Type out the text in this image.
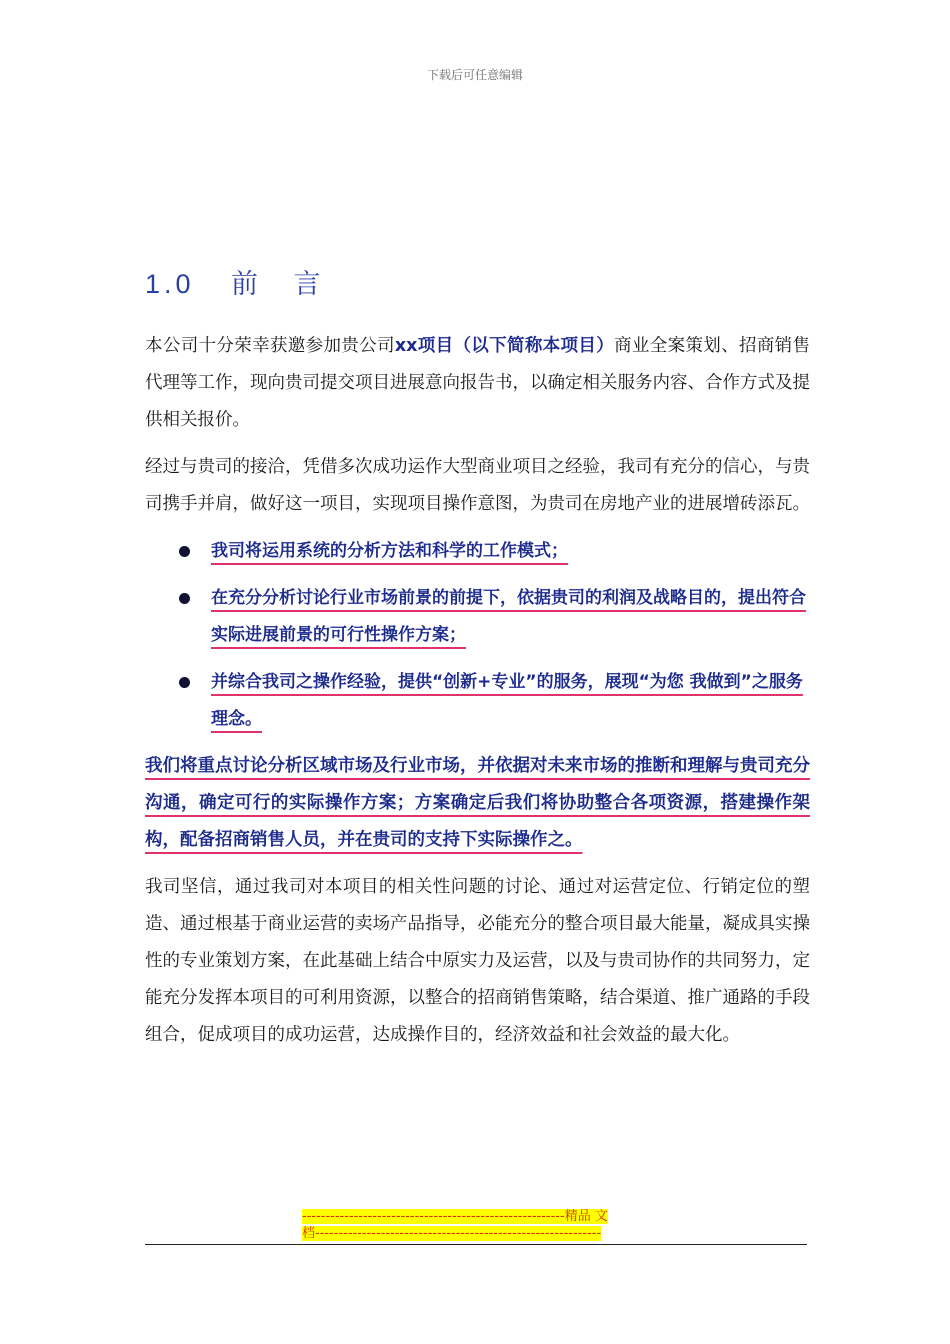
下载后可任意编辑
1.0 前 言

本公司十分荣幸获邀参加贵公司xx项目（以下简称本项目）商业全案策划、招商销售代理等工作，现向贵司提交项目进展意向报告书，以确定相关服务内容、合作方式及提供相关报价。

经过与贵司的接洽，凭借多次成功运作大型商业项目之经验，我司有充分的信心，与贵司携手并肩，做好这一项目，实现项目操作意图，为贵司在房地产业的进展增砖添瓦。

我司将运用系统的分析方法和科学的工作模式；
在充分分析讨论行业市场前景的前提下，依据贵司的利润及战略目的，提出符合实际进展前景的可行性操作方案；
并综合我司之操作经验，提供“创新+专业”的服务，展现“为您 我做到”之服务理念。

我们将重点讨论分析区域市场及行业市场，并依据对未来市场的推断和理解与贵司充分沟通，确定可行的实际操作方案；方案确定后我们将协助整合各项资源，搭建操作架构，配备招商销售人员，并在贵司的支持下实际操作之。

我司坚信，通过我司对本项目的相关性问题的讨论、通过对运营定位、行销定位的塑造、通过根基于商业运营的卖场产品指导，必能充分的整合项目最大能量，凝成具实操性的专业策划方案，在此基础上结合中原实力及运营，以及与贵司协作的共同努力，定能充分发挥本项目的可利用资源，以整合的招商销售策略，结合渠道、推广通路的手段组合，促成项目的成功运营，达成操作目的，经济效益和社会效益的最大化。

--------------------------------------------------------精品 文
档-------------------------------------------------------------
